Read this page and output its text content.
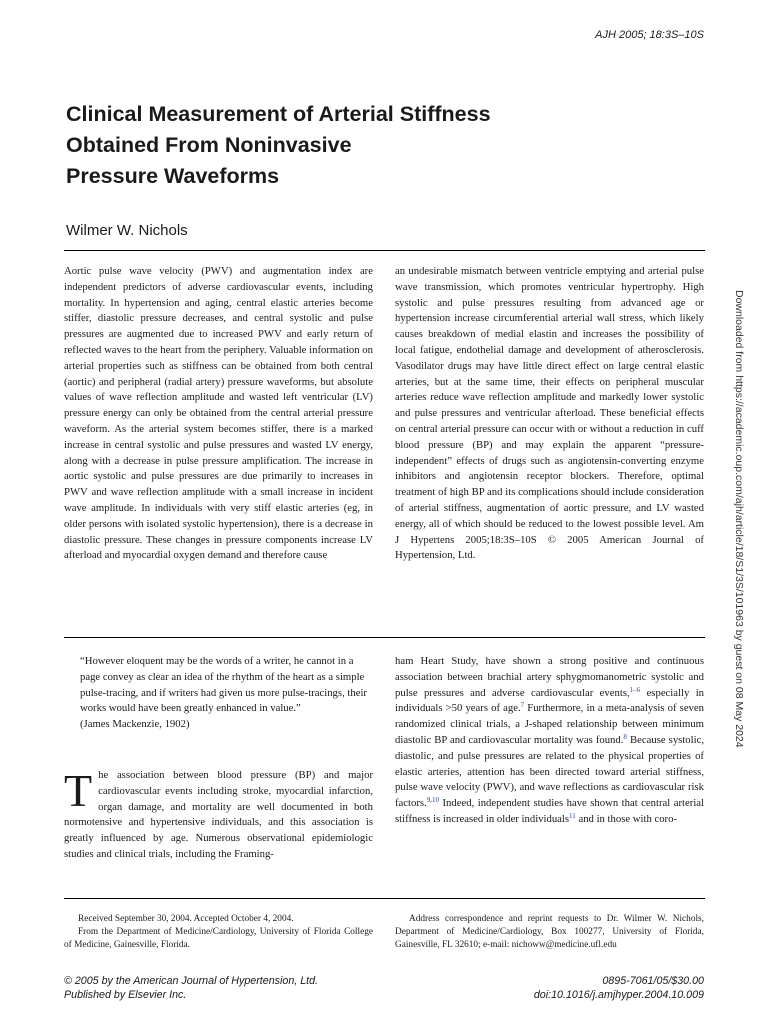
AJH 2005; 18:3S–10S
Clinical Measurement of Arterial Stiffness
Obtained From Noninvasive
Pressure Waveforms
Wilmer W. Nichols

Aortic pulse wave velocity (PWV) and augmentation index are independent predictors of adverse cardiovascular events, including mortality. In hypertension and aging, central elastic arteries become stiffer, diastolic pressure decreases, and central systolic and pulse pressures are augmented due to increased PWV and early return of reflected waves to the heart from the periphery. Valuable information on arterial properties such as stiffness can be obtained from both central (aortic) and peripheral (radial artery) pressure waveforms, but absolute values of wave reflection amplitude and wasted left ventricular (LV) pressure energy can only be obtained from the central arterial pressure waveform. As the arterial system becomes stiffer, there is a marked increase in central systolic and pulse pressures and wasted LV energy, along with a decrease in pulse pressure amplification. The increase in aortic systolic and pulse pressures are due primarily to increases in PWV and wave reflection amplitude with a small increase in incident wave amplitude. In individuals with very stiff elastic arteries (eg, in older persons with isolated systolic hypertension), there is a decrease in diastolic pressure. These changes in pressure components increase LV afterload and myocardial oxygen demand and therefore cause

an undesirable mismatch between ventricle emptying and arterial pulse wave transmission, which promotes ventricular hypertrophy. High systolic and pulse pressures resulting from advanced age or hypertension increase circumferential arterial wall stress, which likely causes breakdown of medial elastin and increases the possibility of local fatigue, endothelial damage and development of atherosclerosis. Vasodilator drugs may have little direct effect on large central elastic arteries, but at the same time, their effects on peripheral muscular arteries reduce wave reflection amplitude and markedly lower systolic and pulse pressures and ventricular afterload. These beneficial effects on central arterial pressure can occur with or without a reduction in cuff blood pressure (BP) and may explain the apparent “pressure-independent” effects of drugs such as angiotensin-converting enzyme inhibitors and angiotensin receptor blockers. Therefore, optimal treatment of high BP and its complications should include consideration of arterial stiffness, augmentation of aortic pressure, and LV wasted energy, all of which should be reduced to the lowest possible level. Am J Hypertens 2005;18:3S–10S © 2005 American Journal of Hypertension, Ltd.

“However eloquent may be the words of a writer, he cannot in a page convey as clear an idea of the rhythm of the heart as a simple pulse-tracing, and if writers had given us more pulse-tracings, their works would have been greatly enhanced in value.”

(James Mackenzie, 1902)

The association between blood pressure (BP) and major cardiovascular events including stroke, myocardial infarction, organ damage, and mortality are well documented in both normotensive and hypertensive individuals, and this association is greatly influenced by age. Numerous observational epidemiologic studies and clinical trials, including the Framing-

ham Heart Study, have shown a strong positive and continuous association between brachial artery sphygmomanometric systolic and pulse pressures and adverse cardiovascular events,$^{1-6}$ especially in individuals >50 years of age.$^7$ Furthermore, in a meta-analysis of seven randomized clinical trials, a J-shaped relationship between minimum diastolic BP and cardiovascular mortality was found.$^8$ Because systolic, diastolic, and pulse pressures are related to the physical properties of elastic arteries, attention has been directed toward arterial stiffness, pulse wave velocity (PWV), and wave reflections as cardiovascular risk factors.$^{9,10}$ Indeed, independent studies have shown that central arterial stiffness is increased in older individuals$^{11}$ and in those with coro-

Received September 30, 2004. Accepted October 4, 2004.

From the Department of Medicine/Cardiology, University of Florida College of Medicine, Gainesville, Florida.

Address correspondence and reprint requests to Dr. Wilmer W. Nichols, Department of Medicine/Cardiology, Box 100277, University of Florida, Gainesville, FL 32610; e-mail: nichoww@medicine.ufl.edu

© 2005 by the American Journal of Hypertension, Ltd.
Published by Elsevier Inc.
0895-7061/05/$30.00
doi:10.1016/j.amjhyper.2004.10.009
Downloaded from https://academic.oup.com/ajh/article/18/S1/3S/101963 by guest on 08 May 2024
